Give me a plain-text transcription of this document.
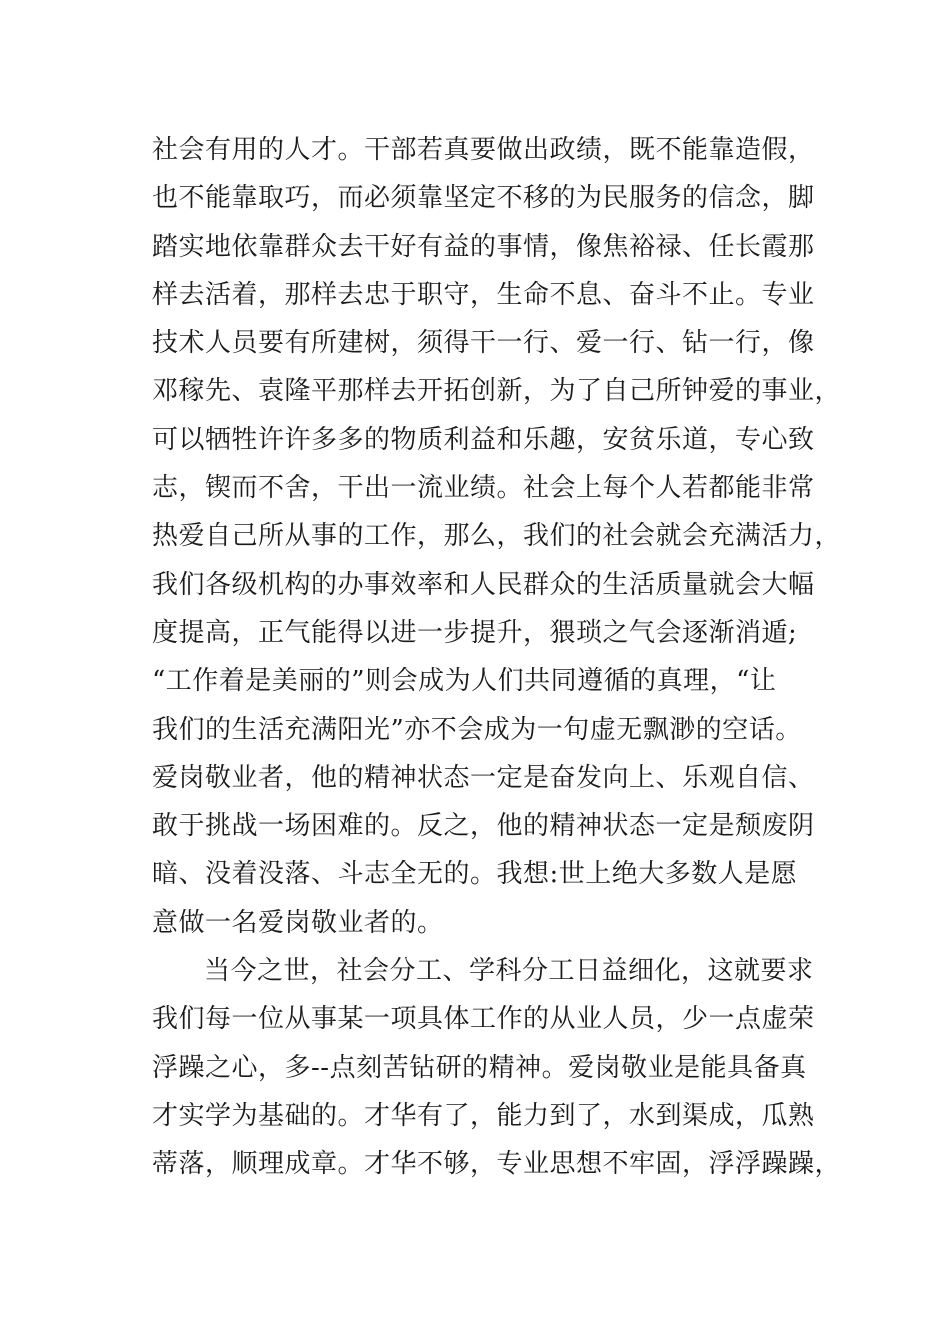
社会有用的人才。干部若真要做出政绩，既不能靠造假，
也不能靠取巧，而必须靠坚定不移的为民服务的信念，脚
踏实地依靠群众去干好有益的事情，像焦裕禄、任长霞那
样去活着，那样去忠于职守，生命不息、奋斗不止。专业
技术人员要有所建树，须得干一行、爱一行、钻一行，像
邓稼先、袁隆平那样去开拓创新，为了自己所钟爱的事业，
可以牺牲许许多多的物质利益和乐趣，安贫乐道，专心致
志，锲而不舍，干出一流业绩。社会上每个人若都能非常
热爱自己所从事的工作，那么，我们的社会就会充满活力，
我们各级机构的办事效率和人民群众的生活质量就会大幅
度提高，正气能得以进一步提升，猥琐之气会逐渐消遁;
“工作着是美丽的”则会成为人们共同遵循的真理，“让
我们的生活充满阳光”亦不会成为一句虚无飘渺的空话。
爱岗敬业者，他的精神状态一定是奋发向上、乐观自信、
敢于挑战一场困难的。反之，他的精神状态一定是颓废阴
暗、没着没落、斗志全无的。我想:世上绝大多数人是愿
意做一名爱岗敬业者的。
当今之世，社会分工、学科分工日益细化，这就要求
我们每一位从事某一项具体工作的从业人员，少一点虚荣
浮躁之心，多--点刻苦钻研的精神。爱岗敬业是能具备真
才实学为基础的。才华有了，能力到了，水到渠成，瓜熟
蒂落，顺理成章。才华不够，专业思想不牢固，浮浮躁躁，
